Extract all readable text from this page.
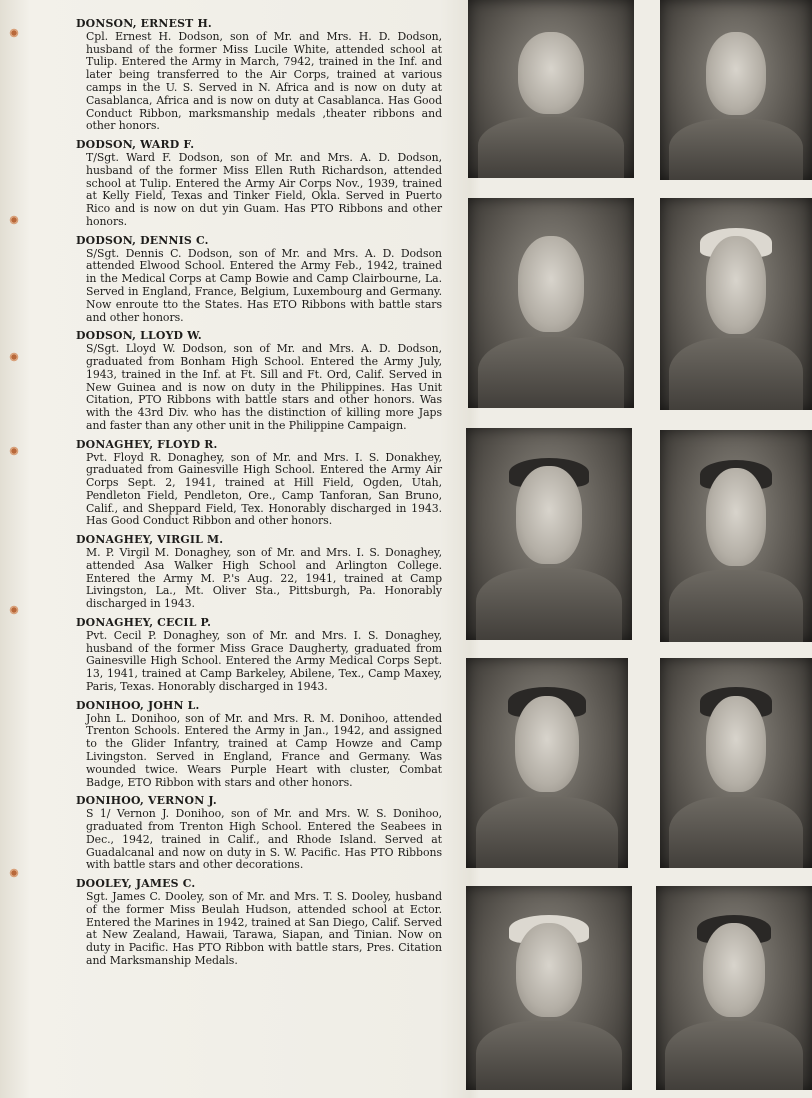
DONSON, ERNEST H.
Cpl. Ernest H. Dodson, son of Mr. and Mrs. H. D. Dodson, husband of the former Miss Lucile White, attended school at Tulip. Entered the Army in March, 7942, trained in the Inf. and later being transferred to the Air Corps, trained at various camps in the U. S. Served in N. Africa and is now on duty at Casablanca, Africa and is now on duty at Casablanca. Has Good Conduct Ribbon, marksmanship medals ,theater ribbons and other honors.
DODSON, WARD F.
T/Sgt. Ward F. Dodson, son of Mr. and Mrs. A. D. Dodson, husband of the former Miss Ellen Ruth Richardson, attended school at Tulip. Entered the Army Air Corps Nov., 1939, trained at Kelly Field, Texas and Tinker Field, Okla. Served in Puerto Rico and is now on dut yin Guam. Has PTO Ribbons and other honors.
DODSON, DENNIS C.
S/Sgt. Dennis C. Dodson, son of Mr. and Mrs. A. D. Dodson attended Elwood School. Entered the Army Feb., 1942, trained in the Medical Corps at Camp Bowie and Camp Clairbourne, La. Served in England, France, Belgium, Luxembourg and Germany. Now enroute tto the States. Has ETO Ribbons with battle stars and other honors.
DODSON, LLOYD W.
S/Sgt. Lloyd W. Dodson, son of Mr. and Mrs. A. D. Dodson, graduated from Bonham High School. Entered the Army July, 1943, trained in the Inf. at Ft. Sill and Ft. Ord, Calif. Served in New Guinea and is now on duty in the Philippines. Has Unit Citation, PTO Ribbons with battle stars and other honors. Was with the 43rd Div. who has the distinction of killing more Japs and faster than any other unit in the Philippine Campaign.
DONAGHEY, FLOYD R.
Pvt. Floyd R. Donaghey, son of Mr. and Mrs. I. S. Donakhey, graduated from Gainesville High School. Entered the Army Air Corps Sept. 2, 1941, trained at Hill Field, Ogden, Utah, Pendleton Field, Pendleton, Ore., Camp Tanforan, San Bruno, Calif., and Sheppard Field, Tex. Honorably discharged in 1943. Has Good Conduct Ribbon and other honors.
DONAGHEY, VIRGIL M.
M. P. Virgil M. Donaghey, son of Mr. and Mrs. I. S. Donaghey, attended Asa Walker High School and Arlington College. Entered the Army M. P.'s Aug. 22, 1941, trained at Camp Livingston, La., Mt. Oliver Sta., Pittsburgh, Pa. Honorably discharged in 1943.
DONAGHEY, CECIL P.
Pvt. Cecil P. Donaghey, son of Mr. and Mrs. I. S. Donaghey, husband of the former Miss Grace Daugherty, graduated from Gainesville High School. Entered the Army Medical Corps Sept. 13, 1941, trained at Camp Barkeley, Abilene, Tex., Camp Maxey, Paris, Texas. Honorably discharged in 1943.
DONIHOO, JOHN L.
John L. Donihoo, son of Mr. and Mrs. R. M. Donihoo, attended Trenton Schools. Entered the Army in Jan., 1942, and assigned to the Glider Infantry, trained at Camp Howze and Camp Livingston. Served in England, France and Germany. Was wounded twice. Wears Purple Heart with cluster, Combat Badge, ETO Ribbon with stars and other honors.
DONIHOO, VERNON J.
S 1/ Vernon J. Donihoo, son of Mr. and Mrs. W. S. Donihoo, graduated from Trenton High School. Entered the Seabees in Dec., 1942, trained in Calif., and Rhode Island. Served at Guadalcanal and now on duty in S. W. Pacific. Has PTO Ribbons with battle stars and other decorations.
DOOLEY, JAMES C.
Sgt. James C. Dooley, son of Mr. and Mrs. T. S. Dooley, husband of the former Miss Beulah Hudson, attended school at Ector. Entered the Marines in 1942, trained at San Diego, Calif. Served at New Zealand, Hawaii, Tarawa, Siapan, and Tinian. Now on duty in Pacific. Has PTO Ribbon with battle stars, Pres. Citation and Marksmanship Medals.
